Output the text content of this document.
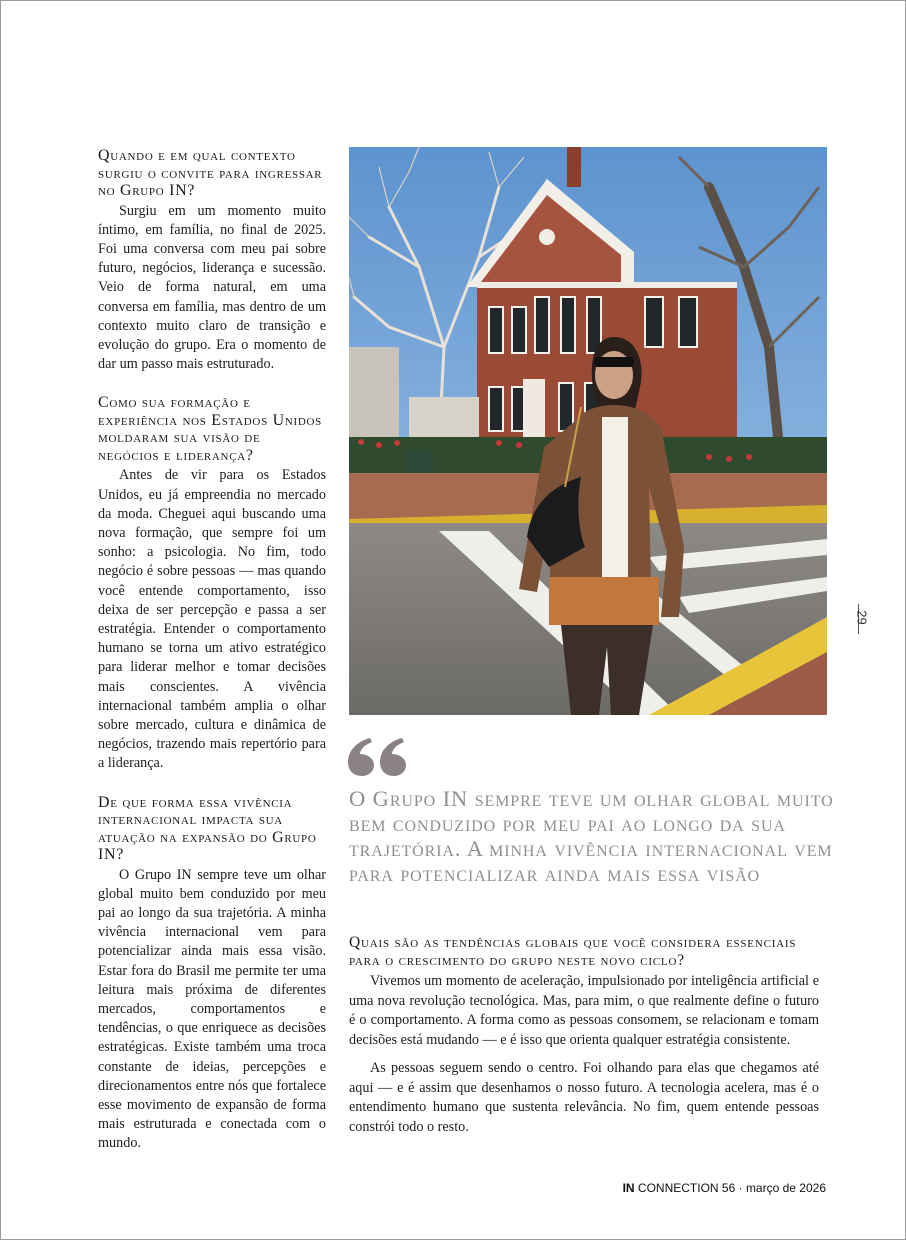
Quando e em qual contexto surgiu o convite para ingressar no Grupo IN?

Surgiu em um momento muito íntimo, em família, no final de 2025. Foi uma conversa com meu pai sobre futuro, negócios, liderança e sucessão. Veio de forma natural, em uma conversa em família, mas dentro de um contexto muito claro de transição e evolução do grupo. Era o momento de dar um passo mais estruturado.

Como sua formação e experiência nos Estados Unidos moldaram sua visão de negócios e liderança?

Antes de vir para os Estados Unidos, eu já empreendia no mercado da moda. Cheguei aqui buscando uma nova formação, que sempre foi um sonho: a psicologia. No fim, todo negócio é sobre pessoas — mas quando você entende comportamento, isso deixa de ser percepção e passa a ser estratégia. Entender o comportamento humano se torna um ativo estratégico para liderar melhor e tomar decisões mais conscientes. A vivência internacional também amplia o olhar sobre mercado, cultura e dinâmica de negócios, trazendo mais repertório para a liderança.

De que forma essa vivência internacional impacta sua atuação na expansão do Grupo IN?

O Grupo IN sempre teve um olhar global muito bem conduzido por meu pai ao longo da sua trajetória. A minha vivência internacional vem para potencializar ainda mais essa visão. Estar fora do Brasil me permite ter uma leitura mais próxima de diferentes mercados, comportamentos e tendências, o que enriquece as decisões estratégicas. Existe também uma troca constante de ideias, percepções e direcionamentos entre nós que fortalece esse movimento de expansão de forma mais estruturada e conectada com o mundo.

O Grupo IN sempre teve um olhar global muito bem conduzido por meu pai ao longo da sua trajetória. A minha vivência internacional vem para potencializar ainda mais essa visão

Quais são as tendências globais que você considera essenciais para o crescimento do grupo neste novo ciclo?

Vivemos um momento de aceleração, impulsionado por inteligência artificial e uma nova revolução tecnológica. Mas, para mim, o que realmente define o futuro é o comportamento. A forma como as pessoas consomem, se relacionam e tomam decisões está mudando — e é isso que orienta qualquer estratégia consistente.

As pessoas seguem sendo o centro. Foi olhando para elas que chegamos até aqui — e é assim que desenhamos o nosso futuro. A tecnologia acelera, mas é o entendimento humano que sustenta relevância. No fim, quem entende pessoas constrói todo o resto.

29
IN CONNECTION 56 · março de 2026
